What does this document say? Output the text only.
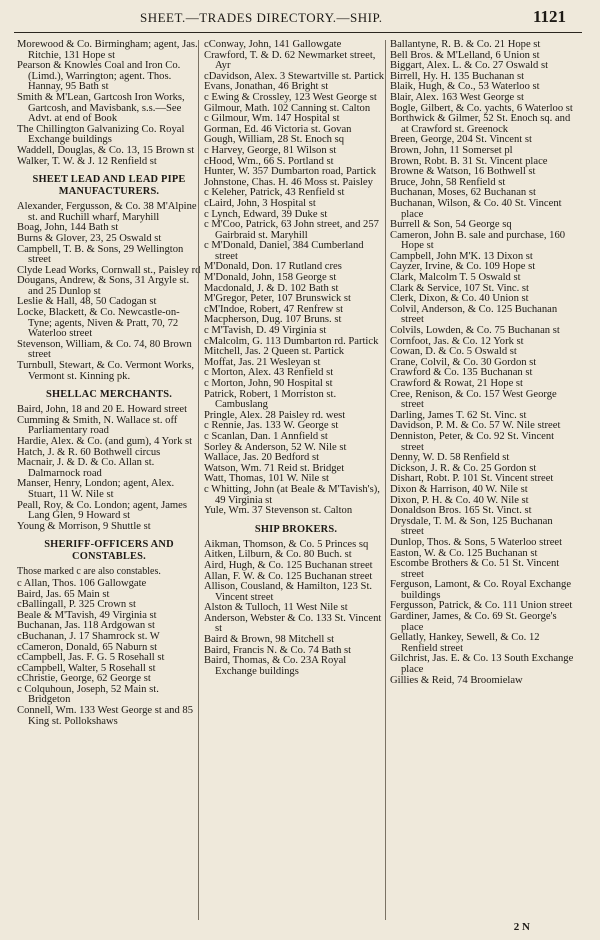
SHEET.—TRADES DIRECTORY.—SHIP.	1121

Morewood & Co. Birmingham; agent, Jas. Ritchie, 131 Hope st

Pearson & Knowles Coal and Iron Co. (Limd.), Warrington; agent. Thos. Hannay, 95 Bath st

Smith & M'Lean, Gartcosh Iron Works, Gartcosh, and Mavisbank, s.s.—See Advt. at end of Book

The Chillington Galvanizing Co. Royal Exchange buildings

Waddell, Douglas, & Co. 13, 15 Brown st

Walker, T. W. & J. 12 Renfield st

SHEET LEAD AND LEAD PIPE MANUFACTURERS.

Alexander, Fergusson, & Co. 38 M'Alpine st. and Ruchill wharf, Maryhill

Boag, John, 144 Bath st

Burns & Glover, 23, 25 Oswald st

Campbell, T. B. & Sons, 29 Wellington street

Clyde Lead Works, Cornwall st., Paisley rd

Dougans, Andrew, & Sons, 31 Argyle st. and 25 Dunlop st

Leslie & Hall, 48, 50 Cadogan st

Locke, Blackett, & Co. Newcastle-on-Tyne; agents, Niven & Pratt, 70, 72 Waterloo street

Stevenson, William, & Co. 74, 80 Brown street

Turnbull, Stewart, & Co. Vermont Works, Vermont st. Kinning pk.

SHELLAC MERCHANTS.

Baird, John, 18 and 20 E. Howard street

Cumming & Smith, N. Wallace st. off Parliamentary road

Hardie, Alex. & Co. (and gum), 4 York st

Hatch, J. & R. 60 Bothwell circus

Macnair, J. & D. & Co. Allan st. Dalmarnock road

Manser, Henry, London; agent, Alex. Stuart, 11 W. Nile st

Peall, Roy, & Co. London; agent, James Lang Glen, 9 Howard st

Young & Morrison, 9 Shuttle st

SHERIFF-OFFICERS AND CONSTABLES.

Those marked c are also constables.

c Allan, Thos. 106 Gallowgate

Baird, Jas. 65 Main st

cBallingall, P. 325 Crown st

Beale & M'Tavish, 49 Virginia st

Buchanan, Jas. 118 Ardgowan st

cBuchanan, J. 17 Shamrock st. W

cCameron, Donald, 65 Naburn st

cCampbell, Jas. F. G. 5 Rosehall st

cCampbell, Walter, 5 Rosehall st

cChristie, George, 62 George st

c Colquhoun, Joseph, 52 Main st. Bridgeton

Connell, Wm. 133 West George st and 85 King st. Pollokshaws

cConway, John, 141 Gallowgate

Crawford, T. & D. 62 Newmarket street, Ayr

cDavidson, Alex. 3 Stewartville st. Partick

Evans, Jonathan, 46 Bright st

c Ewing & Crossley, 123 West George st

Gilmour, Math. 102 Canning st. Calton

c Gilmour, Wm. 147 Hospital st

Gorman, Ed. 46 Victoria st. Govan

Gough, William, 28 St. Enoch sq

c Harvey, George, 81 Wilson st

cHood, Wm., 66 S. Portland st

Hunter, W. 357 Dumbarton road, Partick

Johnstone, Chas. H. 46 Moss st. Paisley

c Keleher, Patrick, 43 Renfield st

cLaird, John, 3 Hospital st

c Lynch, Edward, 39 Duke st

c M'Coo, Patrick, 63 John street, and 257 Gairbraid st. Maryhill

c M'Donald, Daniel, 384 Cumberland street

M'Donald, Don. 17 Rutland cres

M'Donald, John, 158 George st

Macdonald, J. & D. 102 Bath st

M'Gregor, Peter, 107 Brunswick st

cM'Indoe, Robert, 47 Renfrew st

Macpherson, Dug. 107 Bruns. st

c M'Tavish, D. 49 Virginia st

cMalcolm, G. 113 Dumbarton rd. Partick

Mitchell, Jas. 2 Queen st. Partick

Moffat, Jas. 21 Wesleyan st

c Morton, Alex. 43 Renfield st

c Morton, John, 90 Hospital st

Patrick, Robert, 1 Morriston st. Cambuslang

Pringle, Alex. 28 Paisley rd. west

c Rennie, Jas. 133 W. George st

c Scanlan, Dan. 1 Annfield st

Sorley & Anderson, 52 W. Nile st

Wallace, Jas. 20 Bedford st

Watson, Wm. 71 Reid st. Bridget

Watt, Thomas, 101 W. Nile st

c Whitting, John (at Beale & M'Tavish's), 49 Virginia st

Yule, Wm. 37 Stevenson st. Calton

SHIP BROKERS.

Aikman, Thomson, & Co. 5 Princes sq

Aitken, Lilburn, & Co. 80 Buch. st

Aird, Hugh, & Co. 125 Buchanan street

Allan, F. W. & Co. 125 Buchanan street

Allison, Cousland, & Hamilton, 123 St. Vincent street

Alston & Tulloch, 11 West Nile st

Anderson, Webster & Co. 133 St. Vincent st

Baird & Brown, 98 Mitchell st

Baird, Francis N. & Co. 74 Bath st

Baird, Thomas, & Co. 23A Royal Exchange buildings

Ballantyne, R. B. & Co. 21 Hope st

Bell Bros. & M'Lelland, 6 Union st

Biggart, Alex. L. & Co. 27 Oswald st

Birrell, Hy. H. 135 Buchanan st

Blaik, Hugh, & Co., 53 Waterloo st

Blair, Alex. 163 West George st

Bogle, Gilbert, & Co. yachts, 6 Waterloo st

Borthwick & Gilmer, 52 St. Enoch sq. and at Crawford st. Greenock

Breen, George, 204 St. Vincent st

Brown, John, 11 Somerset pl

Brown, Robt. B. 31 St. Vincent place

Browne & Watson, 16 Bothwell st

Bruce, John, 58 Renfield st

Buchanan, Moses, 62 Buchanan st

Buchanan, Wilson, & Co. 40 St. Vincent place

Burrell & Son, 54 George sq

Cameron, John B. sale and purchase, 160 Hope st

Campbell, John M'K. 13 Dixon st

Cayzer, Irvine, & Co. 109 Hope st

Clark, Malcolm T. 5 Oswald st

Clark & Service, 107 St. Vinc. st

Clerk, Dixon, & Co. 40 Union st

Colvil, Anderson, & Co. 125 Buchanan street

Colvils, Lowden, & Co. 75 Buchanan st

Cornfoot, Jas. & Co. 12 York st

Cowan, D. & Co. 5 Oswald st

Crane, Colvil, & Co. 30 Gordon st

Crawford & Co. 135 Buchanan st

Crawford & Rowat, 21 Hope st

Cree, Renison, & Co. 157 West George street

Darling, James T. 62 St. Vinc. st

Davidson, P. M. & Co. 57 W. Nile street

Denniston, Peter, & Co. 92 St. Vincent street

Denny, W. D. 58 Renfield st

Dickson, J. R. & Co. 25 Gordon st

Dishart, Robt. P. 101 St. Vincent street

Dixon & Harrison, 40 W. Nile st

Dixon, P. H. & Co. 40 W. Nile st

Donaldson Bros. 165 St. Vinct. st

Drysdale, T. M. & Son, 125 Buchanan street

Dunlop, Thos. & Sons, 5 Waterloo street

Easton, W. & Co. 125 Buchanan st

Escombe Brothers & Co. 51 St. Vincent street

Ferguson, Lamont, & Co. Royal Exchange buildings

Fergusson, Patrick, & Co. 111 Union street

Gardiner, James, & Co. 69 St. George's place

Gellatly, Hankey, Sewell, & Co. 12 Renfield street

Gilchrist, Jas. E. & Co. 13 South Exchange place

Gillies & Reid, 74 Broomielaw

2 N
